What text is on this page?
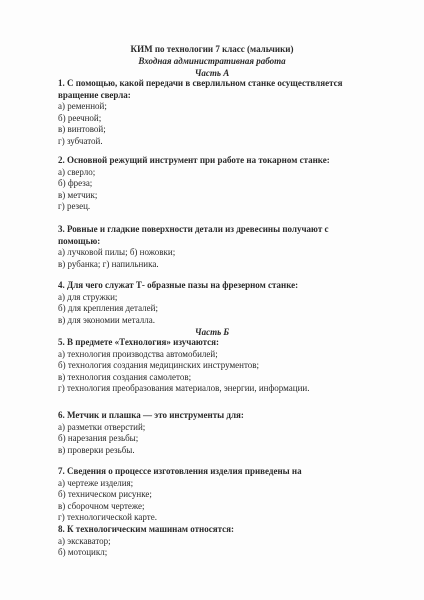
КИМ по технологии 7 класс (мальчики)
Входная административная работа
Часть А
1. С помощью, какой передачи в сверлильном станке осуществляется
вращение сверла:
а) ременной;
б) реечной;
в) винтовой;
г) зубчатой.
2. Основной режущий инструмент при работе на токарном станке:
а) сверло;
б) фреза;
в) метчик;
г) резец.
3. Ровные и гладкие поверхности детали из древесины получают с
помощью:
а) лучковой пилы; б) ножовки;
в) рубанка; г) напильника.
4. Для чего служат Т- образные пазы на фрезерном станке:
а) для стружки;
б) для крепления деталей;
в) для экономии металла.
Часть Б
5. В предмете «Технология» изучаются:
а) технология производства автомобилей;
б) технология создания медицинских инструментов;
в) технология создания самолетов;
г) технология преобразования материалов, энергии, информации.
6. Метчик и плашка — это инструменты для:
а) разметки отверстий;
б) нарезания резьбы;
в) проверки резьбы.
7. Сведения о процессе изготовления изделия приведены на
а) чертеже изделия;
б) техническом рисунке;
в) сборочном чертеже;
г) технологической карте.
8. К технологическим машинам относятся:
а) экскаватор;
б) мотоцикл;
